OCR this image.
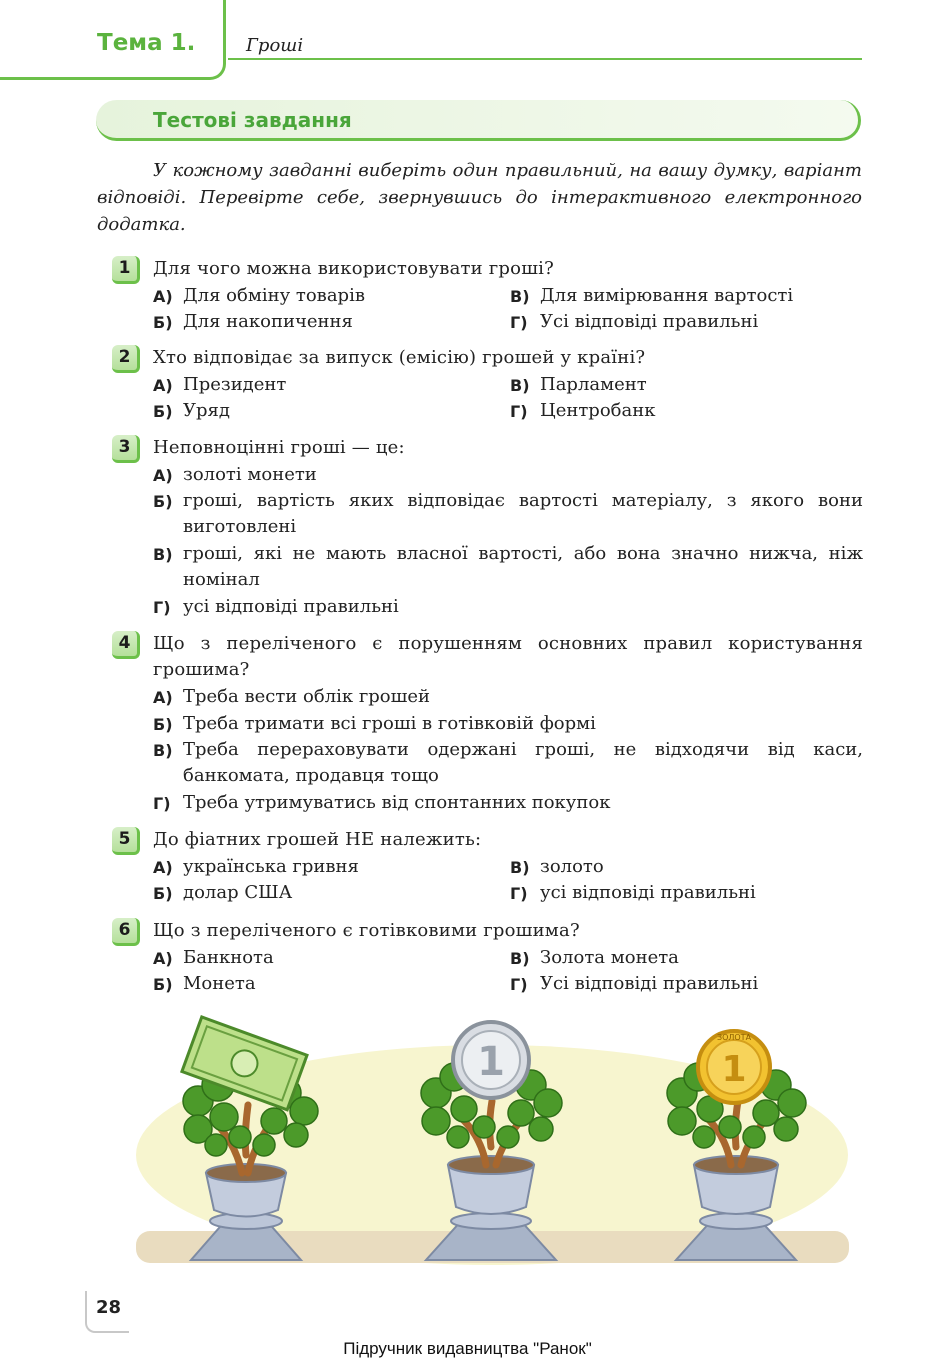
Тема 1.	Гроші
Тестові завдання
У кожному завданні виберіть один правильний, на вашу думку, варіант відповіді. Перевірте себе, звернувшись до інтерактивного електронного додатка.
1	Для чого можна використовувати гроші?
А) Для обміну товарів
Б) Для накопичення
В) Для вимірювання вартості
Г) Усі відповіді правильні
2	Хто відповідає за випуск (емісію) грошей у країні?
А) Президент
Б) Уряд
В) Парламент
Г) Центробанк
3	Неповноцінні гроші — це:
А) золоті монети
Б) гроші, вартість яких відповідає вартості матеріалу, з якого вони виготовлені
В) гроші, які не мають власної вартості, або вона значно нижча, ніж номінал
Г) усі відповіді правильні
4	Що з переліченого є порушенням основних правил користування грошима?
А) Треба вести облік грошей
Б) Треба тримати всі гроші в готівковій формі
В) Треба перераховувати одержані гроші, не відходячи від каси, банкомата, продавця тощо
Г) Треба утримуватись від спонтанних покупок
5	До фіатних грошей НЕ належить:
А) українська гривня
Б) долар США
В) золото
Г) усі відповіді правильні
6	Що з переліченого є готівковими грошима?
А) Банкнота
Б) Монета
В) Золота монета
Г) Усі відповіді правильні
1
ЗОЛОТА
1
28
Підручник видавництва "Ранок"
